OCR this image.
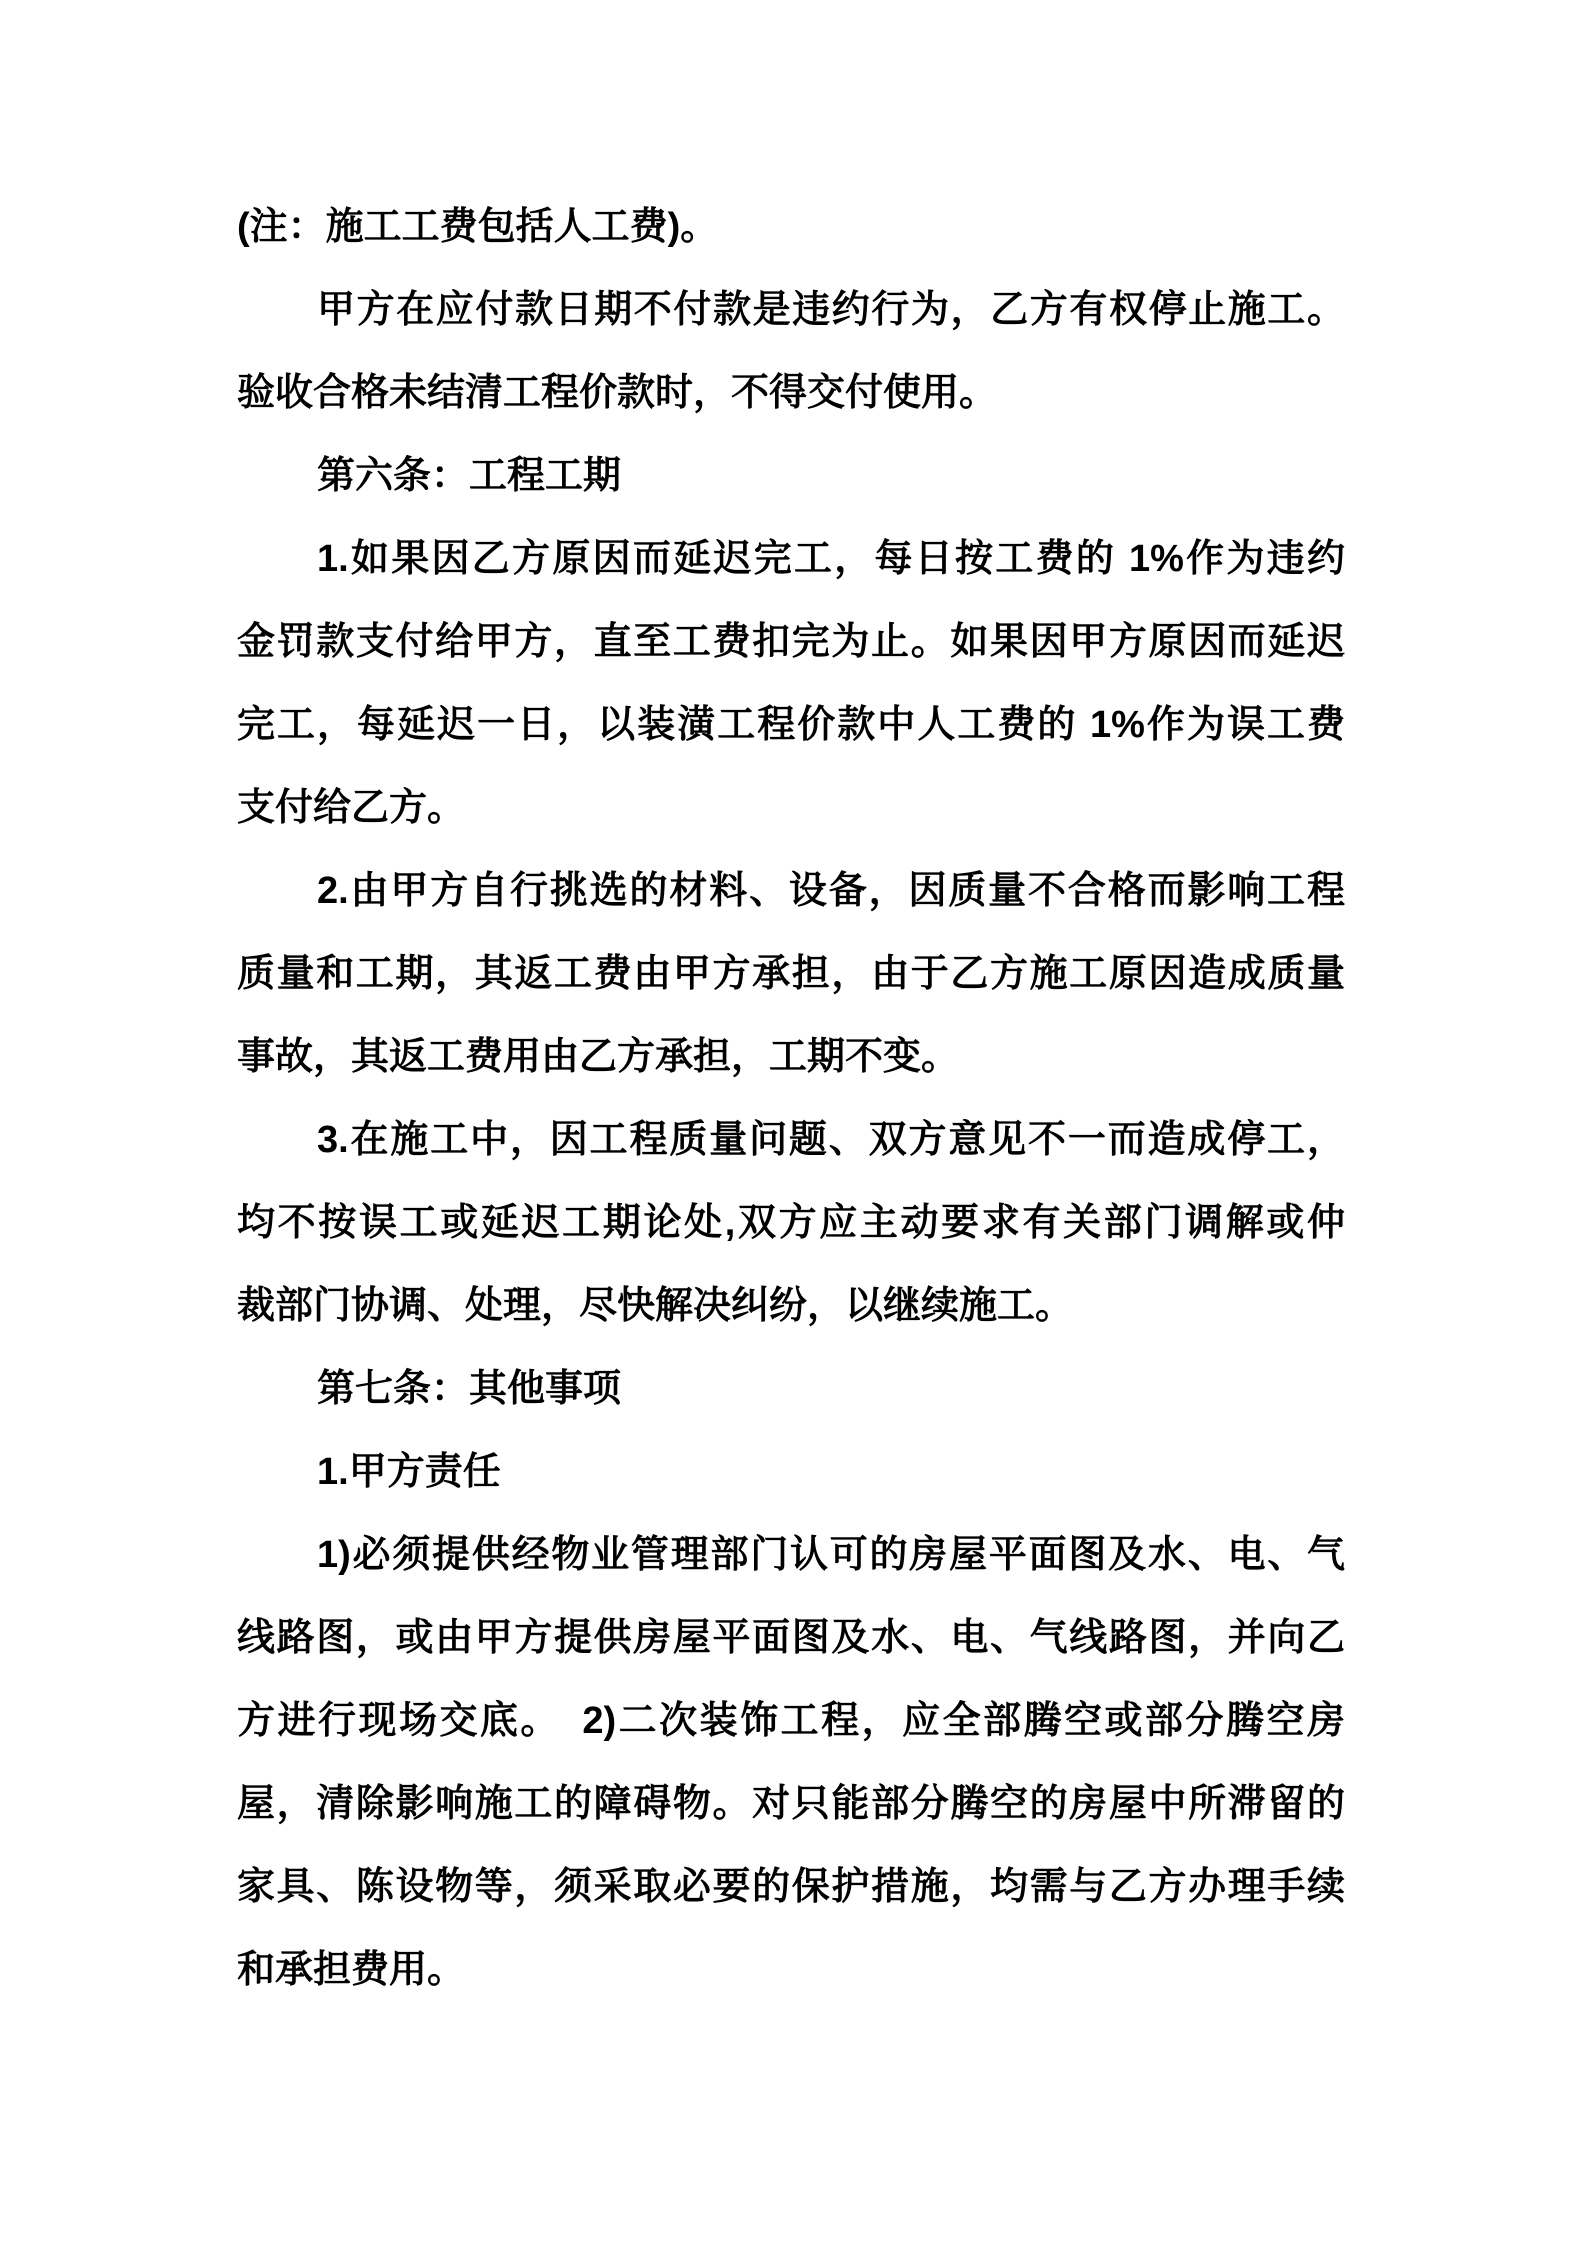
(注：施工工费包括人工费)。
甲方在应付款日期不付款是违约行为，乙方有权停止施工。
验收合格未结清工程价款时，不得交付使用。
第六条：工程工期
1.如果因乙方原因而延迟完工，每日按工费的 1%作为违约
金罚款支付给甲方，直至工费扣完为止。如果因甲方原因而延迟
完工，每延迟一日，以装潢工程价款中人工费的 1%作为误工费
支付给乙方。
2.由甲方自行挑选的材料、设备，因质量不合格而影响工程
质量和工期，其返工费由甲方承担，由于乙方施工原因造成质量
事故，其返工费用由乙方承担，工期不变。
3.在施工中，因工程质量问题、双方意见不一而造成停工，
均不按误工或延迟工期论处,双方应主动要求有关部门调解或仲
裁部门协调、处理，尽快解决纠纷，以继续施工。
第七条：其他事项
1.甲方责任
1)必须提供经物业管理部门认可的房屋平面图及水、电、气
线路图，或由甲方提供房屋平面图及水、电、气线路图，并向乙
方进行现场交底。　2)二次装饰工程，应全部腾空或部分腾空房
屋，清除影响施工的障碍物。对只能部分腾空的房屋中所滞留的
家具、陈设物等，须采取必要的保护措施，均需与乙方办理手续
和承担费用。
